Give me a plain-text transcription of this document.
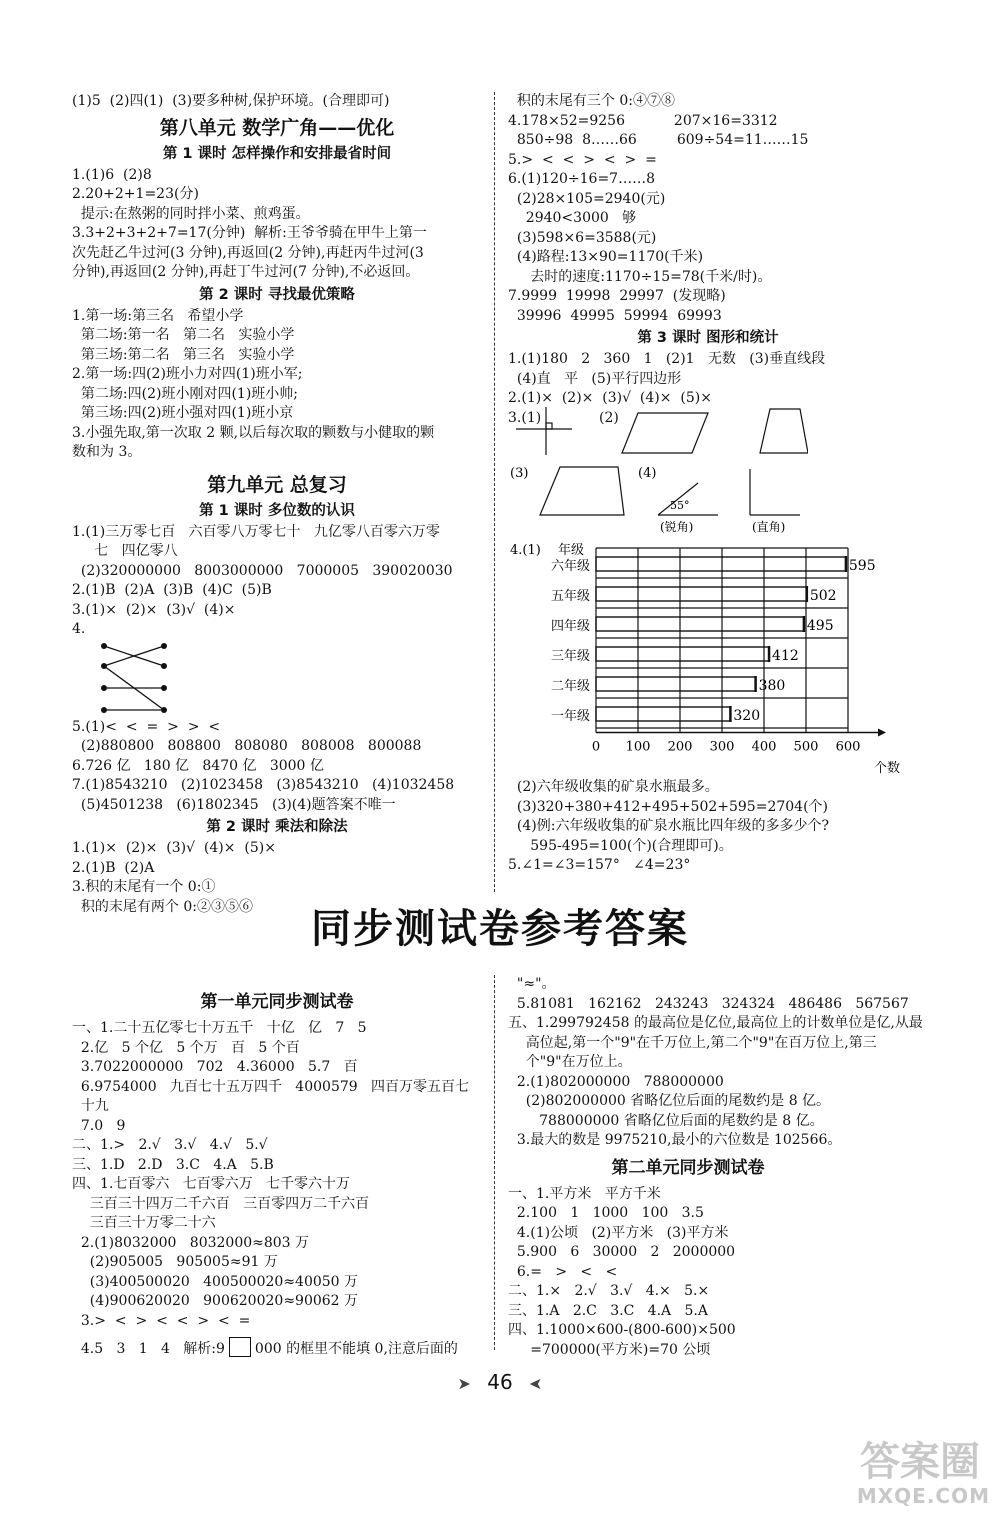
(1)5  (2)四(1)  (3)要多种树,保护环境。(合理即可)
第八单元 数学广角——优化
第 1 课时 怎样操作和安排最省时间
1.(1)6  (2)8
2.20+2+1=23(分)
提示:在熬粥的同时拌小菜、煎鸡蛋。
3.3+2+3+2+7=17(分钟)  解析:王爷爷骑在甲牛上第一
次先赶乙牛过河(3 分钟),再返回(2 分钟),再赶丙牛过河(3
分钟),再返回(2 分钟),再赶丁牛过河(7 分钟),不必返回。
第 2 课时 寻找最优策略
1.第一场:第三名   希望小学
第二场:第一名   第二名   实验小学
第三场:第二名   第三名   实验小学
2.第一场:四(2)班小力对四(1)班小军;
第二场:四(2)班小刚对四(1)班小帅;
第三场:四(2)班小强对四(1)班小京
3.小强先取,第一次取 2 颗,以后每次取的颗数与小健取的颗
数和为 3。
第九单元 总复习
第 1 课时 多位数的认识
1.(1)三万零七百   六百零八万零七十   九亿零八百零六万零
七   四亿零八
(2)320000000   8003000000   7000005   390020030
2.(1)B  (2)A  (3)B  (4)C  (5)B
3.(1)×  (2)×  (3)√  (4)×
4.
5.(1)<  <  =  >  >  <
(2)880800   808800   808080   808008   800088
6.726 亿   180 亿   8470 亿   3000 亿
7.(1)8543210   (2)1023458   (3)8543210   (4)1032458
(5)4501238   (6)1802345   (3)(4)题答案不唯一
第 2 课时 乘法和除法
1.(1)×  (2)×  (3)√  (4)×  (5)×
2.(1)B  (2)A
3.积的末尾有一个 0:①
积的末尾有两个 0:②③⑤⑥
积的末尾有三个 0:④⑦⑧
4.178×52=9256           207×16=3312
850÷98  8……66         609÷54=11……15
5.>  <  <  >  <  >  =
6.(1)120÷16=7……8
(2)28×105=2940(元)
2940<3000   够
(3)598×6=3588(元)
(4)路程:13×90=1170(千米)
去时的速度:1170÷15=78(千米/时)。
7.9999  19998  29997  (发现略)
39996  49995  59994  69993
第 3 课时 图形和统计
1.(1)180   2   360   1   (2)1   无数   (3)垂直线段
(4)直   平   (5)平行四边形
2.(1)×  (2)×  (3)√  (4)×  (5)×
3.(1)             (2)
(3)	(4)
55°
(锐角)	(直角)
4.(1) 年级
0 100 200 300 400 500 600
六年级	595
五年级	502
四年级	495
三年级	412
二年级	380
一年级	320
个数
(2)六年级收集的矿泉水瓶最多。
(3)320+380+412+495+502+595=2704(个)
(4)例:六年级收集的矿泉水瓶比四年级的多多少个?
595-495=100(个)(合理即可)。
5.∠1=∠3=157°   ∠4=23°
同步测试卷参考答案
第一单元同步测试卷
一、1.二十五亿零七十万五千   十亿   亿   7   5
2.亿   5 个亿   5 个万   百   5 个百
3.7022000000   702   4.36000   5.7   百
6.9754000   九百七十五万四千   4000579   四百万零五百七
十九
7.0   9
二、1.>   2.√   3.√   4.√   5.√
三、1.D   2.D   3.C   4.A   5.B
四、1.七百零六   七百零六万   七千零六十万
三百三十四万二千六百   三百零四万二千六百
三百三十万零二十六
2.(1)8032000   8032000≈803 万
(2)905005   905005≈91 万
(3)400500020   400500020≈40050 万
(4)900620020   900620020≈90062 万
3.>  <  >  <  <  >  <  =
4.5   3   1   4   解析:9 000 的框里不能填 0,注意后面的
"≈"。
5.81081   162162   243243   324324   486486   567567
五、1.299792458 的最高位是亿位,最高位上的计数单位是亿,从最
高位起,第一个"9"在千万位上,第二个"9"在百万位上,第三
个"9"在万位上。
2.(1)802000000   788000000
(2)802000000 省略亿位后面的尾数约是 8 亿。
788000000 省略亿位后面的尾数约是 8 亿。
3.最大的数是 9975210,最小的六位数是 102566。
第二单元同步测试卷
一、1.平方米   平方千米
2.100   1   1000   100   3.5
4.(1)公顷   (2)平方米   (3)平方米
5.900   6   30000   2   2000000
6.=   >   <   <
二、1.×   2.√   3.√   4.×   5.×
三、1.A   2.C   3.C   4.A   5.A
四、1.1000×600-(800-600)×500
=700000(平方米)=70 公顷
➤ 46 ➤
答案圈
MXQE.COM
